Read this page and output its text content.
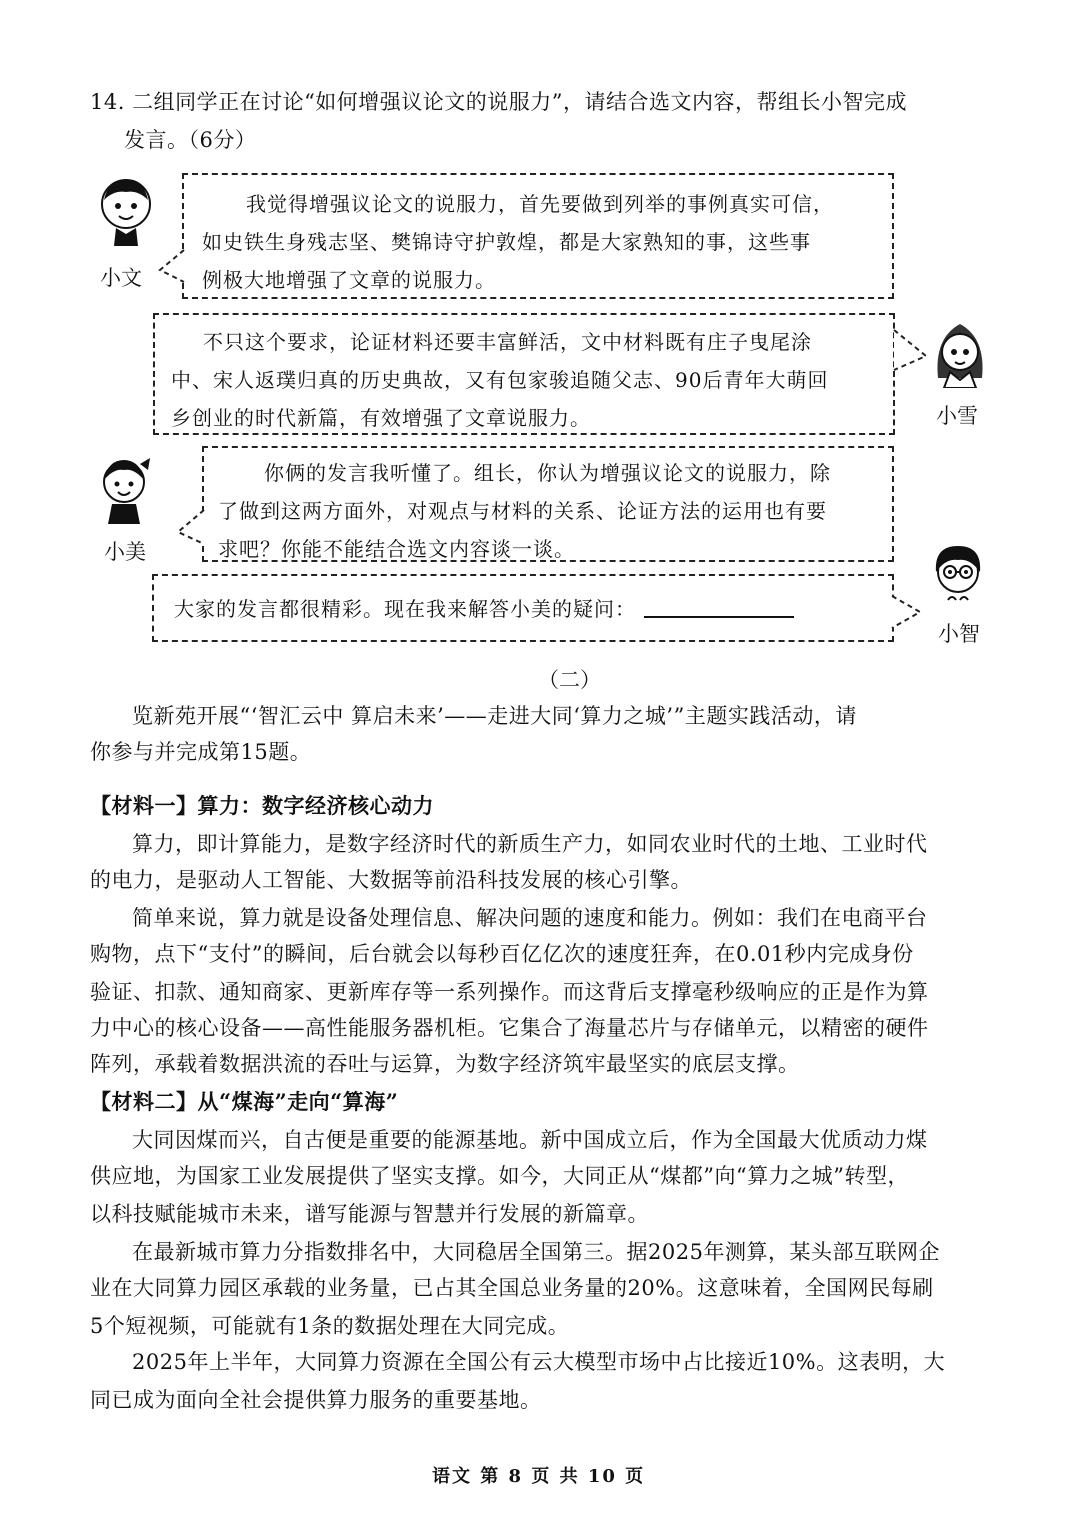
14. 二组同学正在讨论“如何增强议论文的说服力”，请结合选文内容，帮组长小智完成
发言。（6分）
小文
我觉得增强议论文的说服力，首先要做到列举的事例真实可信，
如史铁生身残志坚、樊锦诗守护敦煌，都是大家熟知的事，这些事
例极大地增强了文章的说服力。
不只这个要求，论证材料还要丰富鲜活，文中材料既有庄子曳尾涂
中、宋人返璞归真的历史典故，又有包家骏追随父志、90后青年大萌回
乡创业的时代新篇，有效增强了文章说服力。	小雪
小美
你俩的发言我听懂了。组长，你认为增强议论文的说服力，除
了做到这两方面外，对观点与材料的关系、论证方法的运用也有要
求吧？你能不能结合选文内容谈一谈。
大家的发言都很精彩。现在我来解答小美的疑问：
小智
（二）
览新苑开展“‘智汇云中 算启未来’——走进大同‘算力之城’”主题实践活动，请
你参与并完成第15题。
【材料一】算力：数字经济核心动力
算力，即计算能力，是数字经济时代的新质生产力，如同农业时代的土地、工业时代
的电力，是驱动人工智能、大数据等前沿科技发展的核心引擎。
简单来说，算力就是设备处理信息、解决问题的速度和能力。例如：我们在电商平台
购物，点下“支付”的瞬间，后台就会以每秒百亿亿次的速度狂奔，在0.01秒内完成身份
验证、扣款、通知商家、更新库存等一系列操作。而这背后支撑毫秒级响应的正是作为算
力中心的核心设备——高性能服务器机柜。它集合了海量芯片与存储单元，以精密的硬件
阵列，承载着数据洪流的吞吐与运算，为数字经济筑牢最坚实的底层支撑。
【材料二】从“煤海”走向“算海”
大同因煤而兴，自古便是重要的能源基地。新中国成立后，作为全国最大优质动力煤
供应地，为国家工业发展提供了坚实支撑。如今，大同正从“煤都”向“算力之城”转型，
以科技赋能城市未来，谱写能源与智慧并行发展的新篇章。
在最新城市算力分指数排名中，大同稳居全国第三。据2025年测算，某头部互联网企
业在大同算力园区承载的业务量，已占其全国总业务量的20%。这意味着，全国网民每刷
5个短视频，可能就有1条的数据处理在大同完成。
2025年上半年，大同算力资源在全国公有云大模型市场中占比接近10%。这表明，大
同已成为面向全社会提供算力服务的重要基地。
语文 第 8 页 共 10 页
